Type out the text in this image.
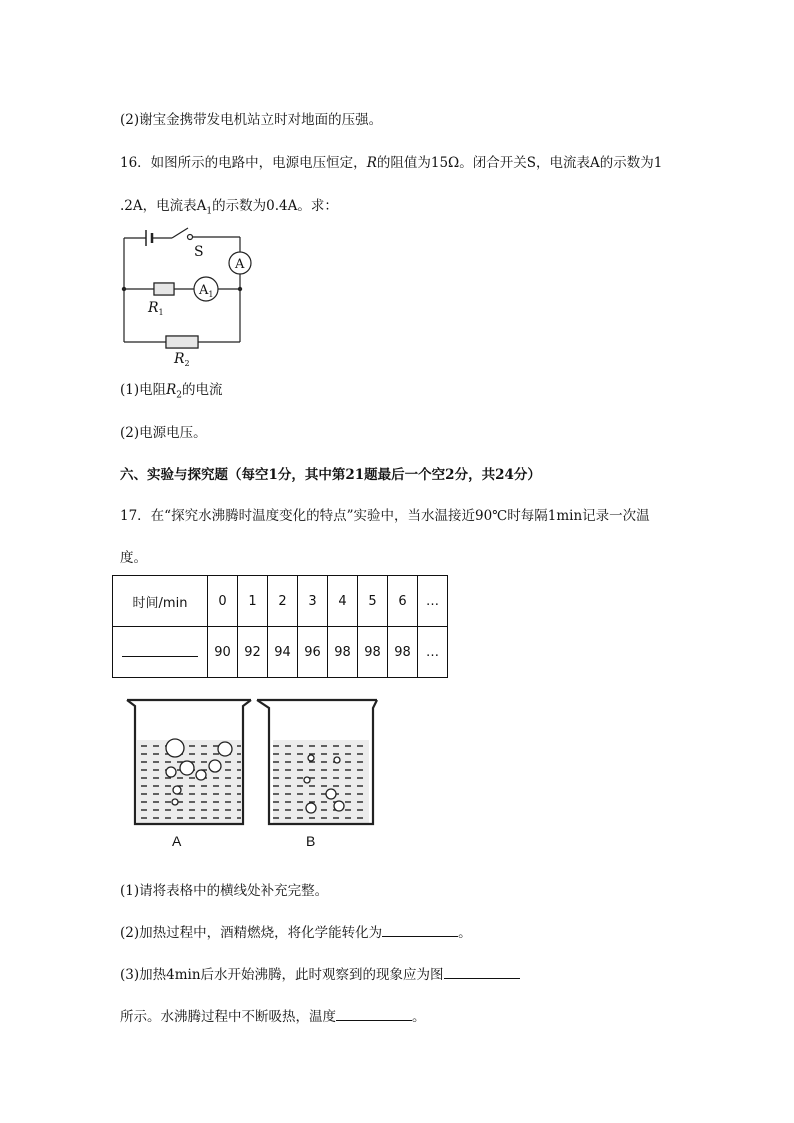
(2)谢宝金携带发电机站立时对地面的压强。
16．如图所示的电路中，电源电压恒定，R的阻值为15Ω。闭合开关S，电流表A的示数为1
.2A，电流表$A_1$的示数为0.4A。求：
S
A
$A_1$
$R_1$
$R_2$
(1)电阻$R_2$的电流
(2)电源电压。
六、实验与探究题（每空1分，其中第21题最后一个空2分，共24分）
17．在“探究水沸腾时温度变化的特点”实验中，当水温接近90℃时每隔1min记录一次温
度。
时间/min	0	1	2	3	4	5	6	…
	90	92	94	96	98	98	98	…
A	B
(1)请将表格中的横线处补充完整。
(2)加热过程中，酒精燃烧，将化学能转化为	。
(3)加热4min后水开始沸腾，此时观察到的现象应为图
所示。水沸腾过程中不断吸热，温度	。
